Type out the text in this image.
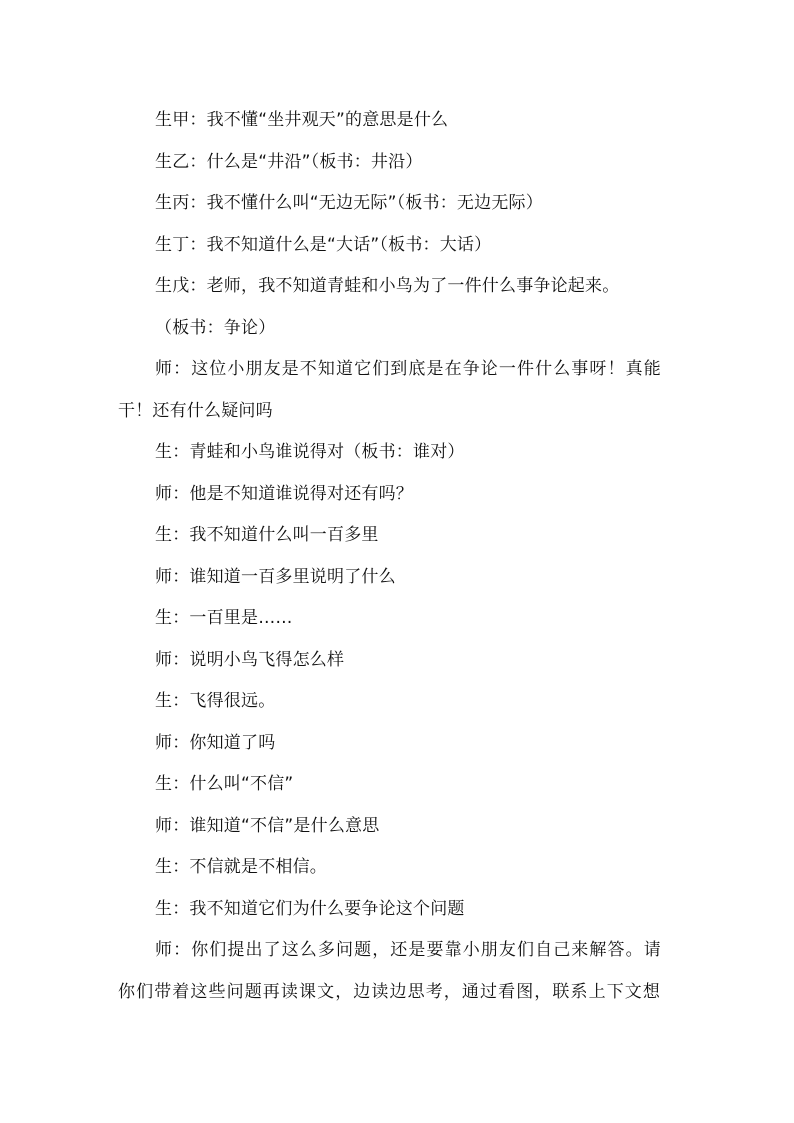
生甲：我不懂“坐井观天”的意思是什么
生乙：什么是“井沿”（板书：井沿）
生丙：我不懂什么叫“无边无际”（板书：无边无际）
生丁：我不知道什么是“大话”（板书：大话）
生戊：老师，我不知道青蛙和小鸟为了一件什么事争论起来。
（板书：争论）
师：这位小朋友是不知道它们到底是在争论一件什么事呀！真能
干！还有什么疑问吗
生：青蛙和小鸟谁说得对（板书：谁对）
师：他是不知道谁说得对还有吗？
生：我不知道什么叫一百多里
师：谁知道一百多里说明了什么
生：一百里是……
师：说明小鸟飞得怎么样
生：飞得很远。
师：你知道了吗
生：什么叫“不信”
师：谁知道“不信”是什么意思
生：不信就是不相信。
生：我不知道它们为什么要争论这个问题
师：你们提出了这么多问题，还是要靠小朋友们自己来解答。请
你们带着这些问题再读课文，边读边思考，通过看图，联系上下文想
